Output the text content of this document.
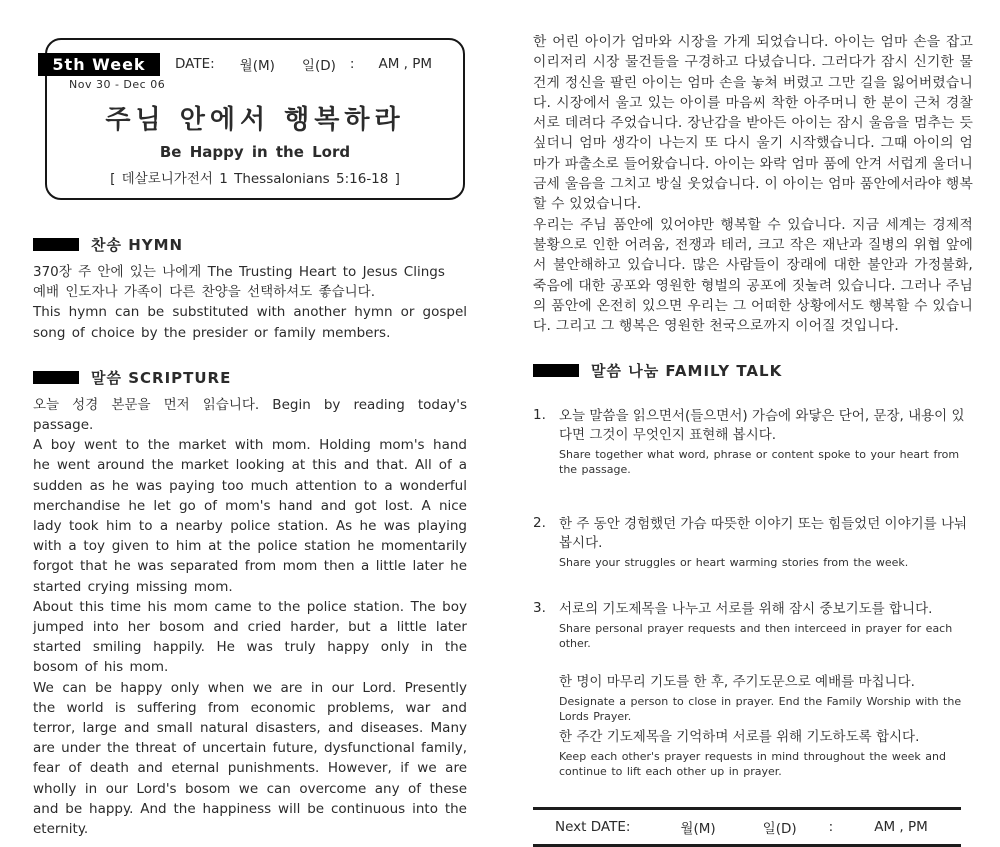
5th Week	DATE: 월(M) 일(D) : AM , PM
Nov 30 - Dec 06
주님 안에서 행복하라
Be Happy in the Lord
[ 데살로니가전서 1 Thessalonians 5:16-18 ]
찬송 HYMN

370장 주 안에 있는 나에게 The Trusting Heart to Jesus Clings

예배 인도자나 가족이 다른 찬양을 선택하셔도 좋습니다.

This hymn can be substituted with another hymn or gospel song of choice by the presider or family members.

말씀 SCRIPTURE

오늘 성경 본문을 먼저 읽습니다. Begin by reading today's passage.

A boy went to the market with mom. Holding mom's hand he went around the market looking at this and that. All of a sudden as he was paying too much attention to a wonderful merchandise he let go of mom's hand and got lost. A nice lady took him to a nearby police station. As he was playing with a toy given to him at the police station he momentarily forgot that he was separated from mom then a little later he started crying missing mom.

About this time his mom came to the police station. The boy jumped into her bosom and cried harder, but a little later started smiling happily. He was truly happy only in the bosom of his mom.

We can be happy only when we are in our Lord. Presently the world is suffering from economic problems, war and terror, large and small natural disasters, and diseases. Many are under the threat of uncertain future, dysfunctional family, fear of death and eternal punishments. However, if we are wholly in our Lord's bosom we can overcome any of these and be happy. And the happiness will be continuous into the eternity.

한 어린 아이가 엄마와 시장을 가게 되었습니다. 아이는 엄마 손을 잡고 이리저리 시장 물건들을 구경하고 다녔습니다. 그러다가 잠시 신기한 물건게 정신을 팔린 아이는 엄마 손을 놓쳐 버렸고 그만 길을 잃어버렸습니다. 시장에서 울고 있는 아이를 마음씨 착한 아주머니 한 분이 근처 경찰서로 데려다 주었습니다. 장난감을 받아든 아이는 잠시 울음을 멈추는 듯 싶더니 엄마 생각이 나는지 또 다시 울기 시작했습니다. 그때 아이의 엄마가 파출소로 들어왔습니다. 아이는 와락 엄마 품에 안겨 서럽게 울더니 금세 울음을 그치고 방실 웃었습니다. 이 아이는 엄마 품안에서라야 행복할 수 있었습니다.

우리는 주님 품안에 있어야만 행복할 수 있습니다. 지금 세계는 경제적 불황으로 인한 어려움, 전쟁과 테러, 크고 작은 재난과 질병의 위협 앞에서 불안해하고 있습니다. 많은 사람들이 장래에 대한 불안과 가정불화, 죽음에 대한 공포와 영원한 형벌의 공포에 짓눌려 있습니다. 그러나 주님의 품안에 온전히 있으면 우리는 그 어떠한 상황에서도 행복할 수 있습니다. 그리고 그 행복은 영원한 천국으로까지 이어질 것입니다.

말씀 나눔 FAMILY TALK
1. 오늘 말씀을 읽으면서(들으면서) 가슴에 와닿은 단어, 문장, 내용이 있다면 그것이 무엇인지 표현해 봅시다.
Share together what word, phrase or content spoke to your heart from the passage.
2. 한 주 동안 경험했던 가슴 따뜻한 이야기 또는 힘들었던 이야기를 나눠봅시다.
Share your struggles or heart warming stories from the week.
3. 서로의 기도제목을 나누고 서로를 위해 잠시 중보기도를 합니다.
Share personal prayer requests and then interceed in prayer for each other.
한 명이 마무리 기도를 한 후, 주기도문으로 예배를 마칩니다.
Designate a person to close in prayer. End the Family Worship with the Lords Prayer.
한 주간 기도제목을 기억하며 서로를 위해 기도하도록 합시다.
Keep each other's prayer requests in mind throughout the week and continue to lift each other up in prayer.
Next DATE:	월(M)	일(D) :	AM , PM
